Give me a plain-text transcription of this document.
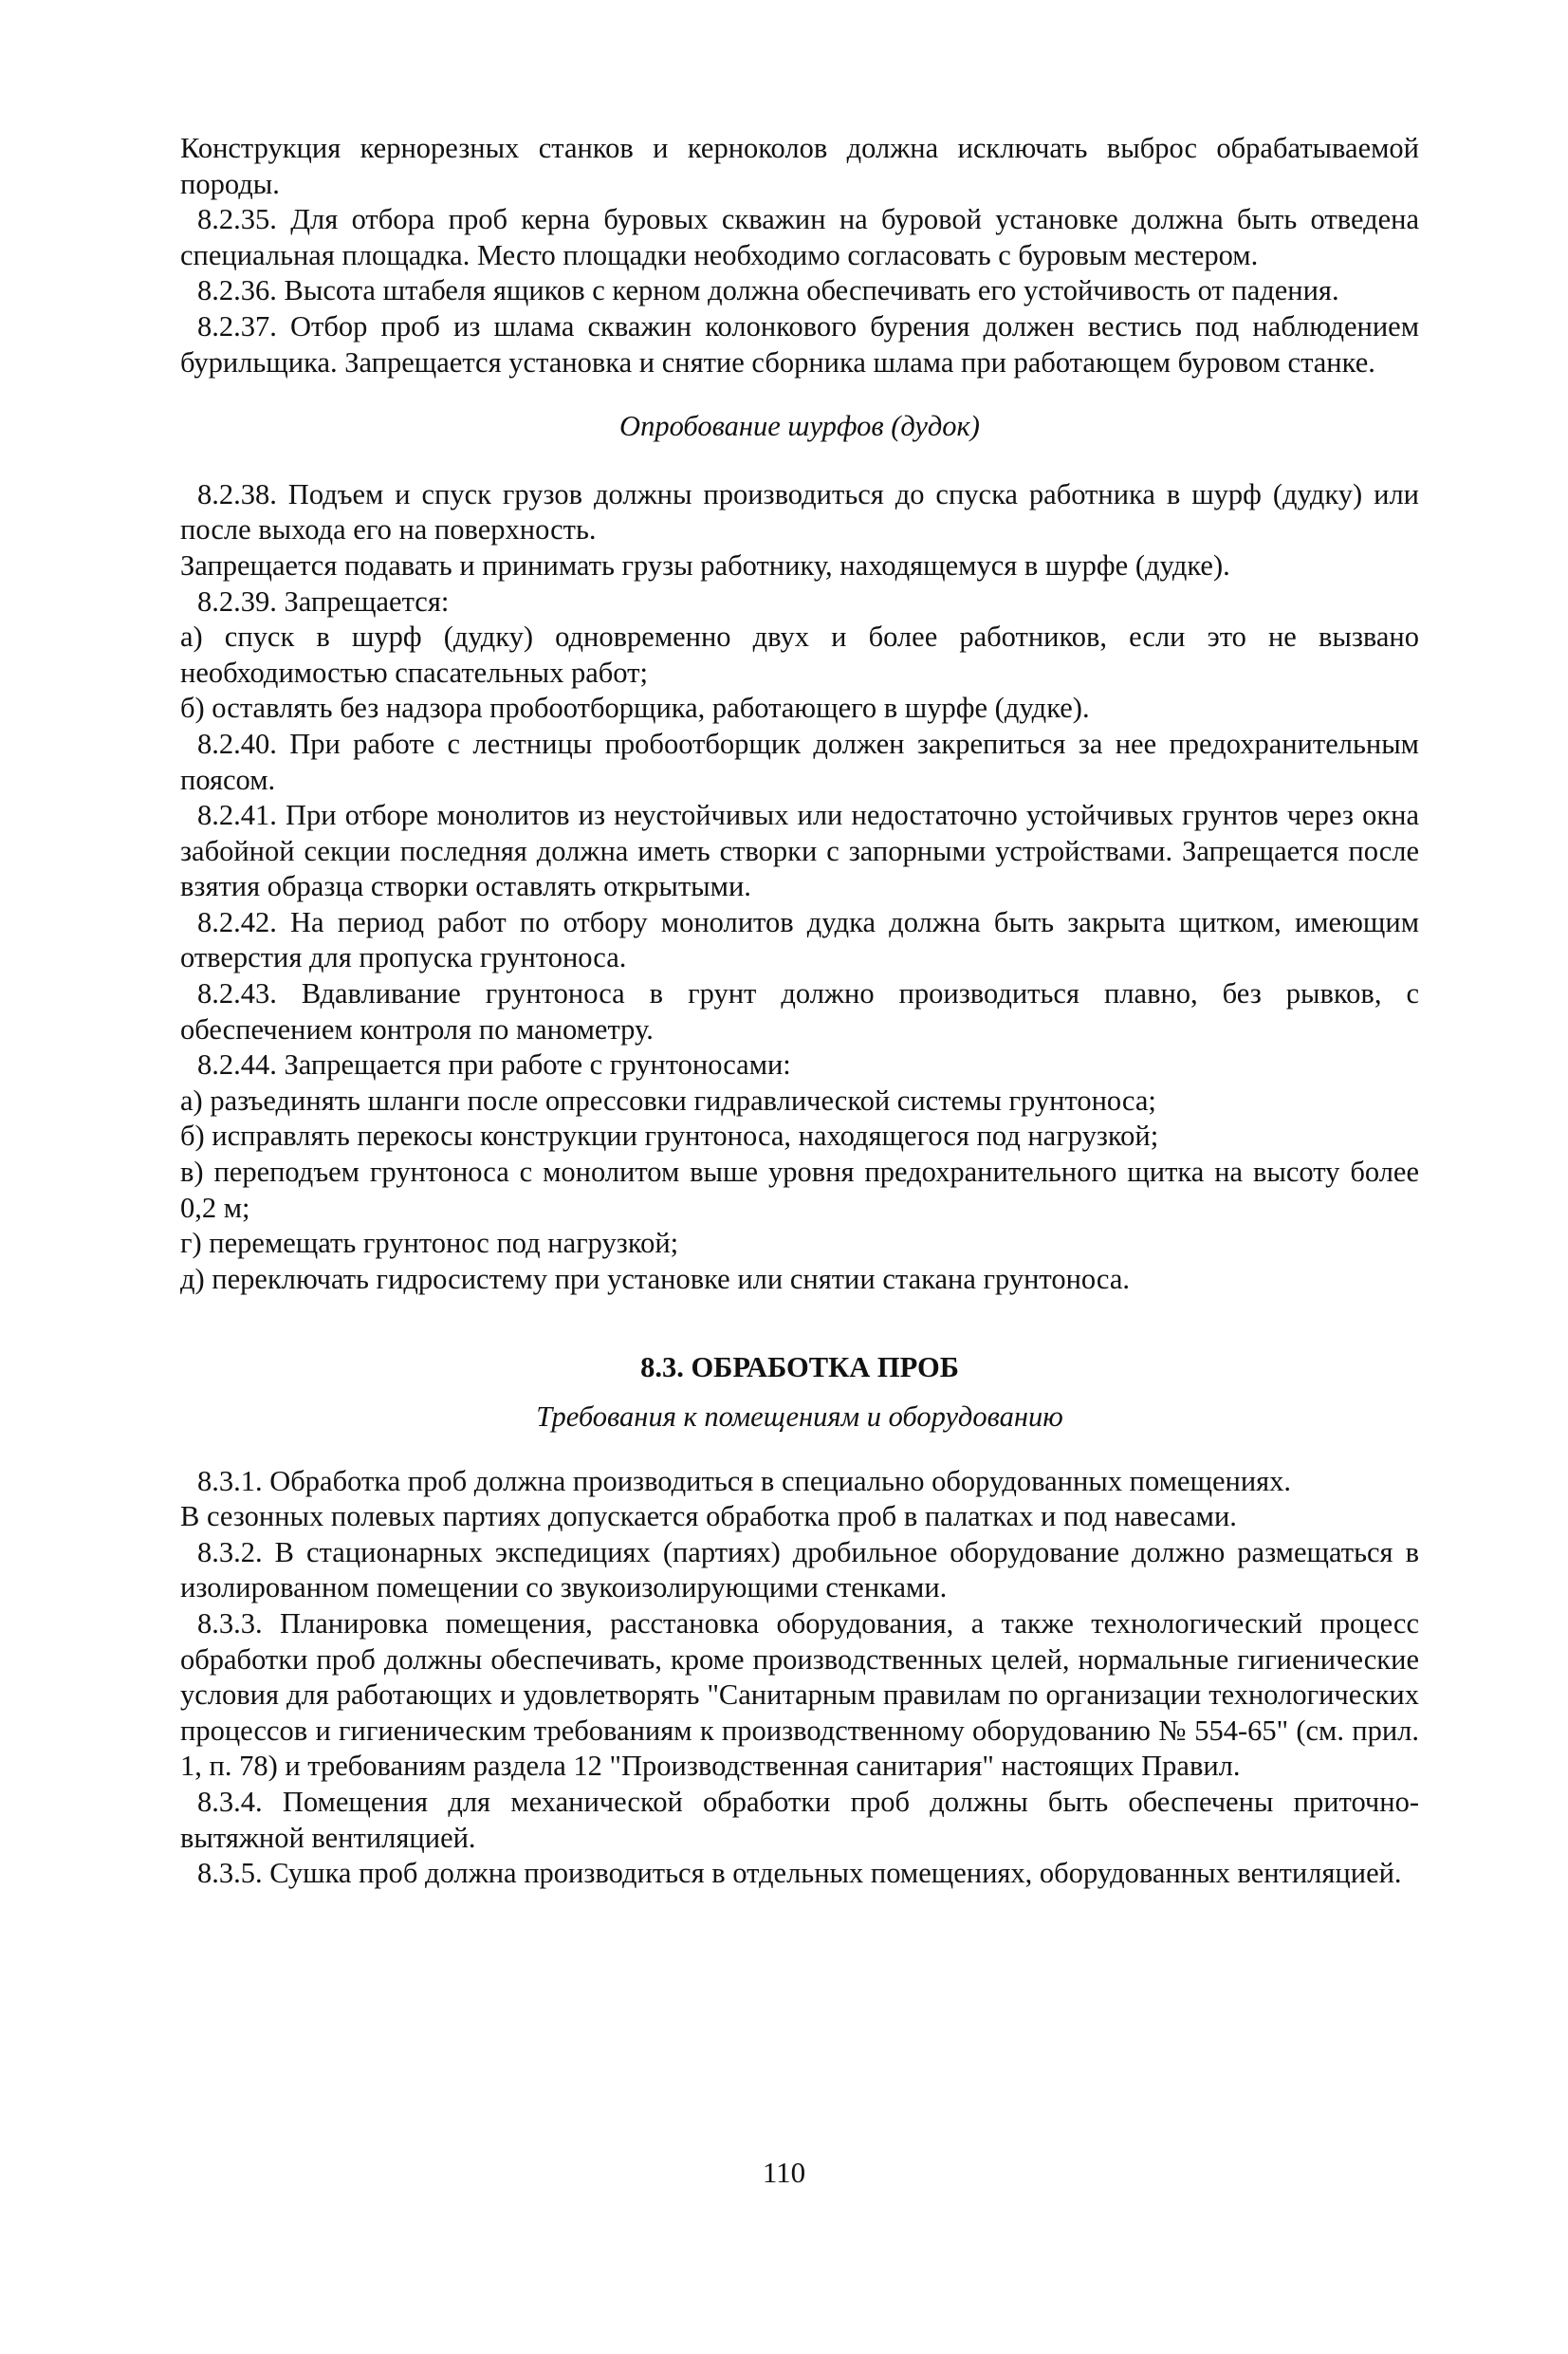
Конструкция кернорезных станков и керноколов должна исключать выброс обрабатываемой породы.

8.2.35. Для отбора проб керна буровых скважин на буровой установке должна быть отведена специальная площадка. Место площадки необходимо согласовать с буровым местером.

8.2.36. Высота штабеля ящиков с керном должна обеспечивать его устойчивость от падения.

8.2.37. Отбор проб из шлама скважин колонкового бурения должен вестись под наблюдением бурильщика. Запрещается установка и снятие сборника шлама при работающем буровом станке.

Опробование шурфов (дудок)

8.2.38. Подъем и спуск грузов должны производиться до спуска работника в шурф (дудку) или после выхода его на поверхность.

Запрещается подавать и принимать грузы работнику, находящемуся в шурфе (дудке).

8.2.39. Запрещается:

а) спуск в шурф (дудку) одновременно двух и более работников, если это не вызвано необходимостью спасательных работ;

б) оставлять без надзора пробоотборщика, работающего в шурфе (дудке).

8.2.40. При работе с лестницы пробоотборщик должен закрепиться за нее предохранительным поясом.

8.2.41. При отборе монолитов из неустойчивых или недостаточно устойчивых грунтов через окна забойной секции последняя должна иметь створки с запорными устройствами. Запрещается после взятия образца створки оставлять открытыми.

8.2.42. На период работ по отбору монолитов дудка должна быть закрыта щитком, имеющим отверстия для пропуска грунтоноса.

8.2.43. Вдавливание грунтоноса в грунт должно производиться плавно, без рывков, с обеспечением контроля по манометру.

8.2.44. Запрещается при работе с грунтоносами:

а) разъединять шланги после опрессовки гидравлической системы грунтоноса;

б) исправлять перекосы конструкции грунтоноса, находящегося под нагрузкой;

в) переподъем грунтоноса с монолитом выше уровня предохранительного щитка на высоту более 0,2 м;

г) перемещать грунтонос под нагрузкой;

д) переключать гидросистему при установке или снятии стакана грунтоноса.

8.3. ОБРАБОТКА ПРОБ

Требования к помещениям и оборудованию

8.3.1. Обработка проб должна производиться в специально оборудованных помещениях.

В сезонных полевых партиях допускается обработка проб в палатках и под навесами.

8.3.2. В стационарных экспедициях (партиях) дробильное оборудование должно размещаться в изолированном помещении со звукоизолирующими стенками.

8.3.3. Планировка помещения, расстановка оборудования, а также технологический процесс обработки проб должны обеспечивать, кроме производственных целей, нормальные гигиенические условия для работающих и удовлетворять "Санитарным правилам по организации технологических процессов и гигиеническим требованиям к производственному оборудованию № 554-65" (см. прил. 1, п. 78) и требованиям раздела 12 "Производственная санитария" настоящих Правил.

8.3.4. Помещения для механической обработки проб должны быть обеспечены приточно-вытяжной вентиляцией.

8.3.5. Сушка проб должна производиться в отдельных помещениях, оборудованных вентиляцией.

110
